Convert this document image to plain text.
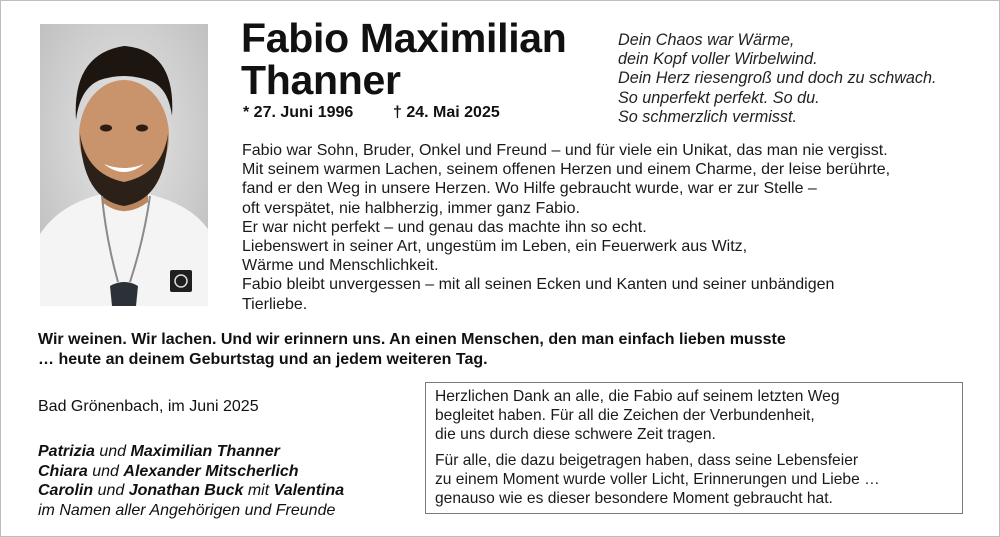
Fabio Maximilian
Thanner
* 27. Juni 1996 † 24. Mai 2025
Dein Chaos war Wärme,
dein Kopf voller Wirbelwind.
Dein Herz riesengroß und doch zu schwach.
So unperfekt perfekt. So du.
So schmerzlich vermisst.
Fabio war Sohn, Bruder, Onkel und Freund – und für viele ein Unikat, das man nie vergisst.
Mit seinem warmen Lachen, seinem offenen Herzen und einem Charme, der leise berührte,
fand er den Weg in unsere Herzen. Wo Hilfe gebraucht wurde, war er zur Stelle –
oft verspätet, nie halbherzig, immer ganz Fabio.
Er war nicht perfekt – und genau das machte ihn so echt.
Liebenswert in seiner Art, ungestüm im Leben, ein Feuerwerk aus Witz,
Wärme und Menschlichkeit.
Fabio bleibt unvergessen – mit all seinen Ecken und Kanten und seiner unbändigen
Tierliebe.
Wir weinen. Wir lachen. Und wir erinnern uns. An einen Menschen, den man einfach lieben musste
… heute an deinem Geburtstag und an jedem weiteren Tag.
Bad Grönenbach, im Juni 2025
Patrizia und Maximilian Thanner
Chiara und Alexander Mitscherlich
Carolin und Jonathan Buck mit Valentina
im Namen aller Angehörigen und Freunde
Herzlichen Dank an alle, die Fabio auf seinem letzten Weg
begleitet haben. Für all die Zeichen der Verbundenheit,
die uns durch diese schwere Zeit tragen.
Für alle, die dazu beigetragen haben, dass seine Lebensfeier
zu einem Moment wurde voller Licht, Erinnerungen und Liebe …
genauso wie es dieser besondere Moment gebraucht hat.
